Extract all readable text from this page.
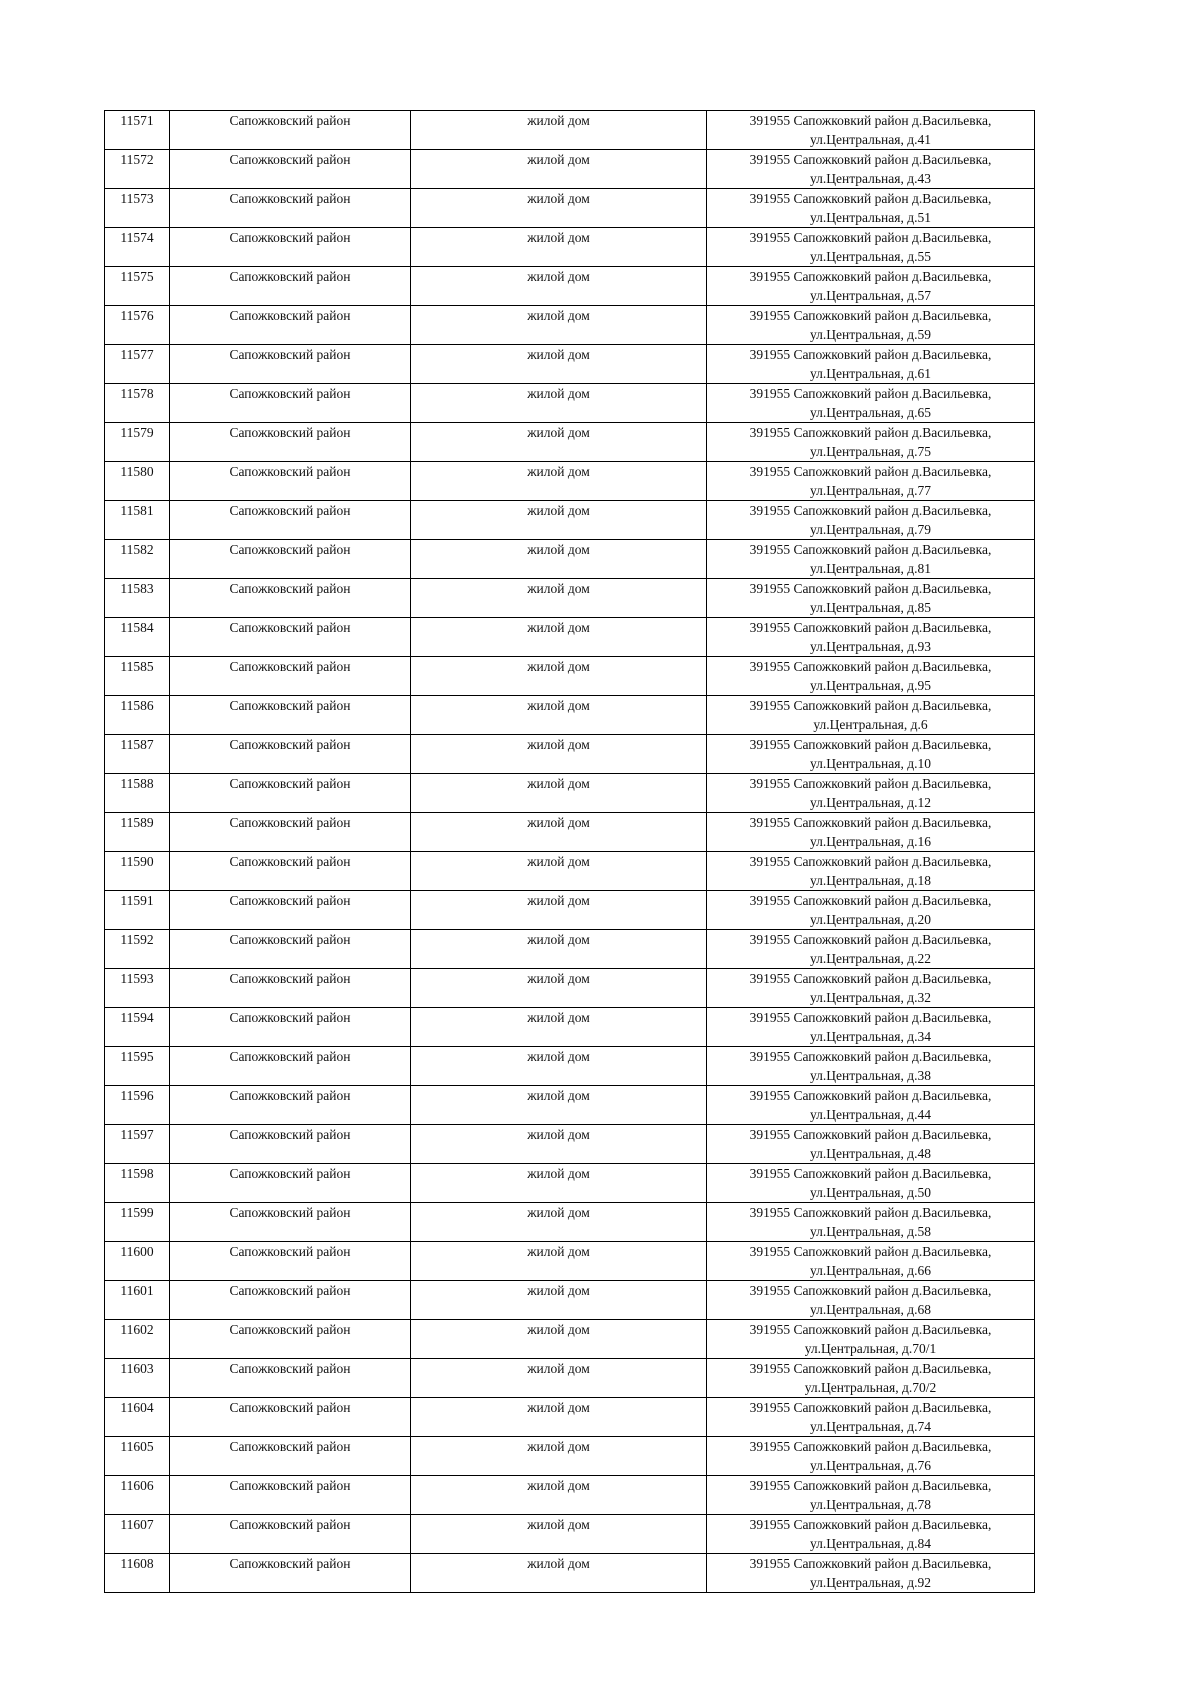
11571	Сапожковский район	жилой дом	391955 Сапожковкий район д.Васильевка,
ул.Центральная, д.41

11572	Сапожковский район	жилой дом	391955 Сапожковкий район д.Васильевка,
ул.Центральная, д.43

11573	Сапожковский район	жилой дом	391955 Сапожковкий район д.Васильевка,
ул.Центральная, д.51

11574	Сапожковский район	жилой дом	391955 Сапожковкий район д.Васильевка,
ул.Центральная, д.55

11575	Сапожковский район	жилой дом	391955 Сапожковкий район д.Васильевка,
ул.Центральная, д.57

11576	Сапожковский район	жилой дом	391955 Сапожковкий район д.Васильевка,
ул.Центральная, д.59

11577	Сапожковский район	жилой дом	391955 Сапожковкий район д.Васильевка,
ул.Центральная, д.61

11578	Сапожковский район	жилой дом	391955 Сапожковкий район д.Васильевка,
ул.Центральная, д.65

11579	Сапожковский район	жилой дом	391955 Сапожковкий район д.Васильевка,
ул.Центральная, д.75

11580	Сапожковский район	жилой дом	391955 Сапожковкий район д.Васильевка,
ул.Центральная, д.77

11581	Сапожковский район	жилой дом	391955 Сапожковкий район д.Васильевка,
ул.Центральная, д.79

11582	Сапожковский район	жилой дом	391955 Сапожковкий район д.Васильевка,
ул.Центральная, д.81

11583	Сапожковский район	жилой дом	391955 Сапожковкий район д.Васильевка,
ул.Центральная, д.85

11584	Сапожковский район	жилой дом	391955 Сапожковкий район д.Васильевка,
ул.Центральная, д.93

11585	Сапожковский район	жилой дом	391955 Сапожковкий район д.Васильевка,
ул.Центральная, д.95

11586	Сапожковский район	жилой дом	391955 Сапожковкий район д.Васильевка,
ул.Центральная, д.6

11587	Сапожковский район	жилой дом	391955 Сапожковкий район д.Васильевка,
ул.Центральная, д.10

11588	Сапожковский район	жилой дом	391955 Сапожковкий район д.Васильевка,
ул.Центральная, д.12

11589	Сапожковский район	жилой дом	391955 Сапожковкий район д.Васильевка,
ул.Центральная, д.16

11590	Сапожковский район	жилой дом	391955 Сапожковкий район д.Васильевка,
ул.Центральная, д.18

11591	Сапожковский район	жилой дом	391955 Сапожковкий район д.Васильевка,
ул.Центральная, д.20

11592	Сапожковский район	жилой дом	391955 Сапожковкий район д.Васильевка,
ул.Центральная, д.22

11593	Сапожковский район	жилой дом	391955 Сапожковкий район д.Васильевка,
ул.Центральная, д.32

11594	Сапожковский район	жилой дом	391955 Сапожковкий район д.Васильевка,
ул.Центральная, д.34

11595	Сапожковский район	жилой дом	391955 Сапожковкий район д.Васильевка,
ул.Центральная, д.38

11596	Сапожковский район	жилой дом	391955 Сапожковкий район д.Васильевка,
ул.Центральная, д.44

11597	Сапожковский район	жилой дом	391955 Сапожковкий район д.Васильевка,
ул.Центральная, д.48

11598	Сапожковский район	жилой дом	391955 Сапожковкий район д.Васильевка,
ул.Центральная, д.50

11599	Сапожковский район	жилой дом	391955 Сапожковкий район д.Васильевка,
ул.Центральная, д.58

11600	Сапожковский район	жилой дом	391955 Сапожковкий район д.Васильевка,
ул.Центральная, д.66

11601	Сапожковский район	жилой дом	391955 Сапожковкий район д.Васильевка,
ул.Центральная, д.68

11602	Сапожковский район	жилой дом	391955 Сапожковкий район д.Васильевка,
ул.Центральная, д.70/1

11603	Сапожковский район	жилой дом	391955 Сапожковкий район д.Васильевка,
ул.Центральная, д.70/2

11604	Сапожковский район	жилой дом	391955 Сапожковкий район д.Васильевка,
ул.Центральная, д.74

11605	Сапожковский район	жилой дом	391955 Сапожковкий район д.Васильевка,
ул.Центральная, д.76

11606	Сапожковский район	жилой дом	391955 Сапожковкий район д.Васильевка,
ул.Центральная, д.78

11607	Сапожковский район	жилой дом	391955 Сапожковкий район д.Васильевка,
ул.Центральная, д.84

11608	Сапожковский район	жилой дом	391955 Сапожковкий район д.Васильевка,
ул.Центральная, д.92
